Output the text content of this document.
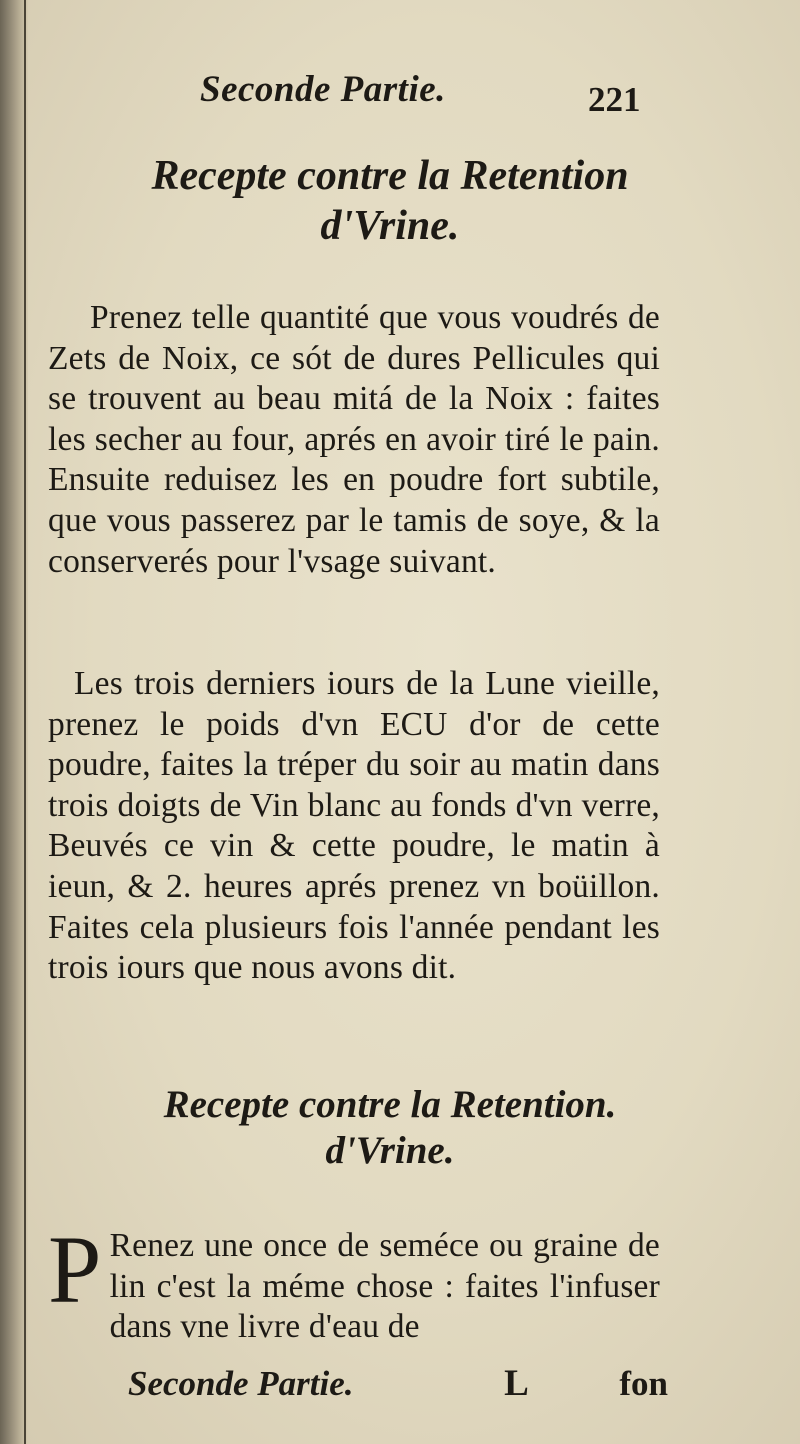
Seconde Partie.	221
Recepte contre la Retention
d'Vrine.

Prenez telle quantité que vous voudrés de Zets de Noix, ce sót de dures Pellicules qui se trouvent au beau mitá de la Noix : faites les secher au four, aprés en avoir tiré le pain. Ensuite reduisez les en poudre fort subtile, que vous passerez par le tamis de soye, & la conserverés pour l'vsage suivant.

Les trois derniers iours de la Lune vieille, prenez le poids d'vn ECU d'or de cette poudre, faites la tréper du soir au matin dans trois doigts de Vin blanc au fonds d'vn verre, Beuvés ce vin & cette poudre, le matin à ieun, & 2. heures aprés prenez vn boüillon. Faites cela plusieurs fois l'année pendant les trois iours que nous avons dit.

Recepte contre la Retention.
d'Vrine.
P Renez une once de seméce ou graine de lin c'est la méme chose : faites l'infuser dans vne livre d'eau de
Seconde Partie.	L	fon
